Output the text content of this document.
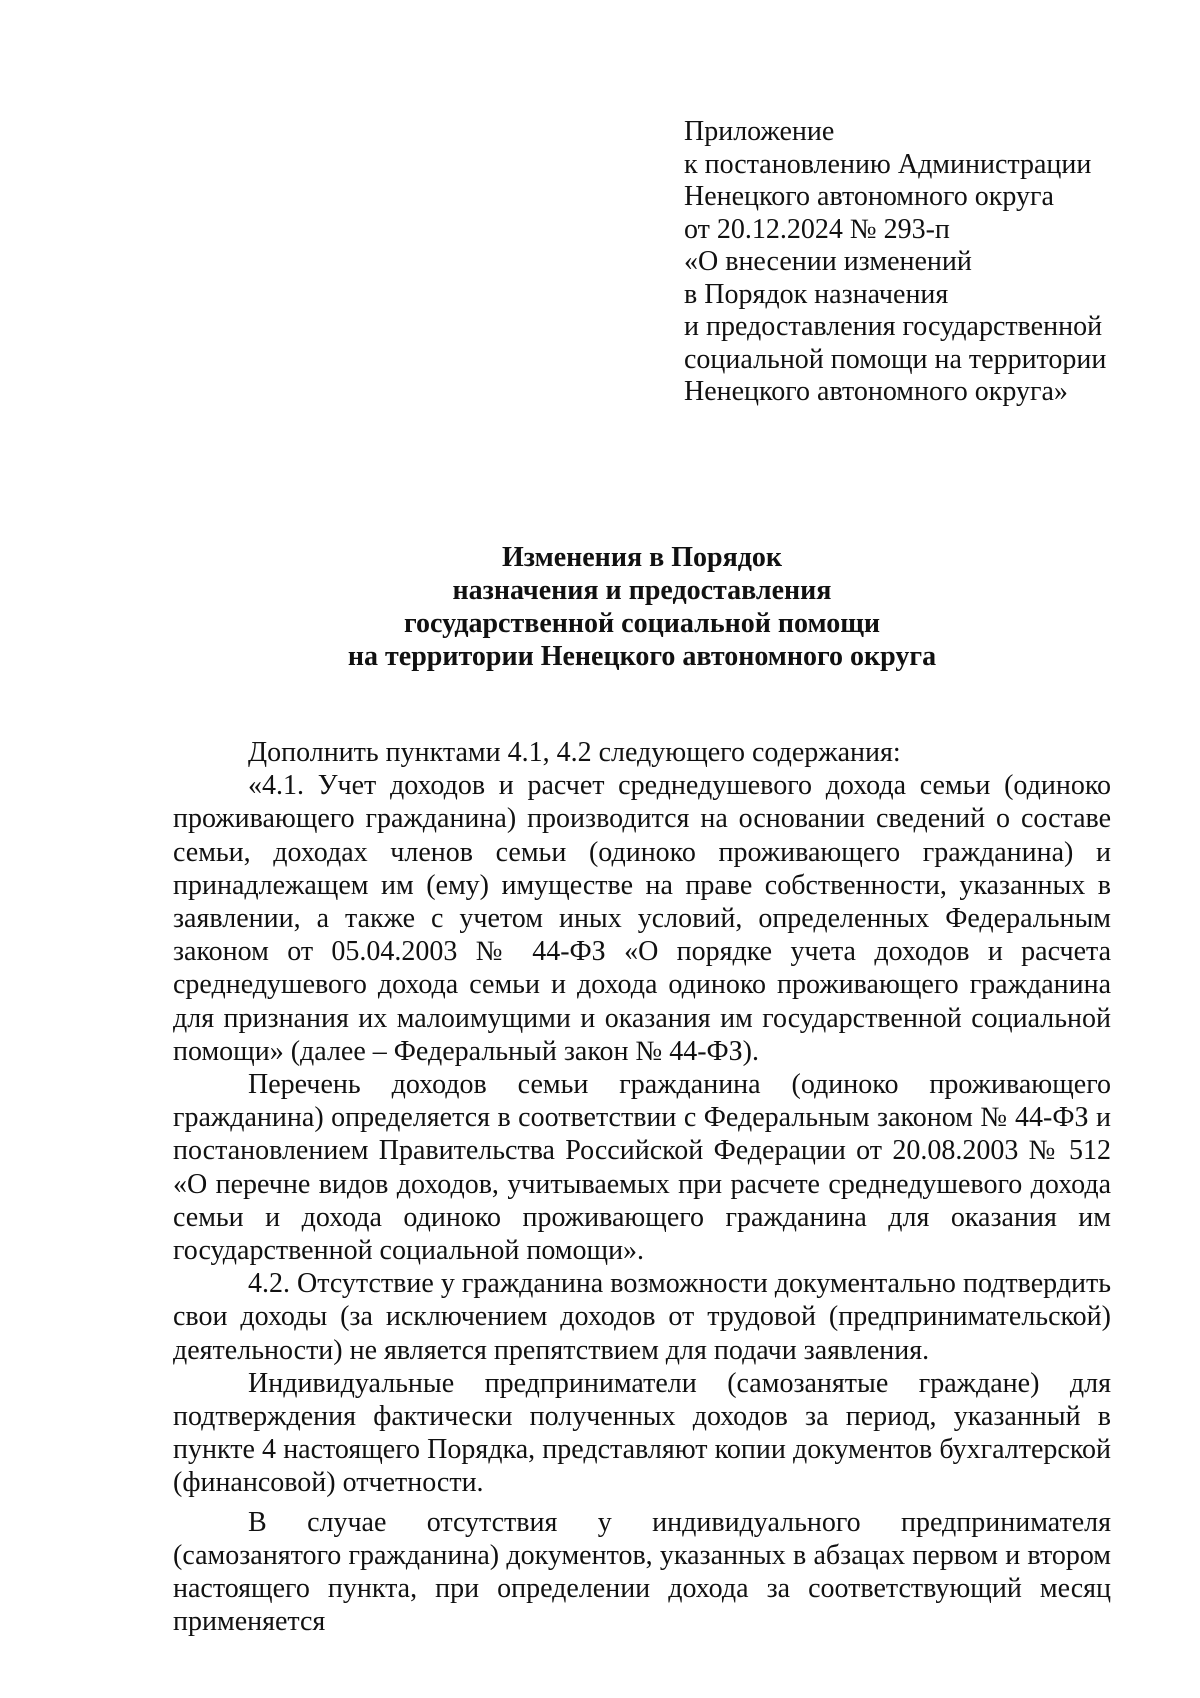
Приложение
к постановлению Администрации
Ненецкого автономного округа
от 20.12.2024 № 293-п
«О внесении изменений
в Порядок назначения
и предоставления государственной
социальной помощи на территории
Ненецкого автономного округа»
Изменения в Порядок
назначения и предоставления
государственной социальной помощи
на территории Ненецкого автономного округа

Дополнить пунктами 4.1, 4.2 следующего содержания:

«4.1. Учет доходов и расчет среднедушевого дохода семьи (одиноко проживающего гражданина) производится на основании сведений о составе семьи, доходах членов семьи (одиноко проживающего гражданина) и принадлежащем им (ему) имуществе на праве собственности, указанных в заявлении, а также с учетом иных условий, определенных Федеральным законом от 05.04.2003 № 44-ФЗ «О порядке учета доходов и расчета среднедушевого дохода семьи и дохода одиноко проживающего гражданина для признания их малоимущими и оказания им государственной социальной помощи» (далее – Федеральный закон № 44-ФЗ).

Перечень доходов семьи гражданина (одиноко проживающего гражданина) определяется в соответствии с Федеральным законом № 44-ФЗ и постановлением Правительства Российской Федерации от 20.08.2003 № 512 «О перечне видов доходов, учитываемых при расчете среднедушевого дохода семьи и дохода одиноко проживающего гражданина для оказания им государственной социальной помощи».

4.2. Отсутствие у гражданина возможности документально подтвердить свои доходы (за исключением доходов от трудовой (предпринимательской) деятельности) не является препятствием для подачи заявления.

Индивидуальные предприниматели (самозанятые граждане) для подтверждения фактически полученных доходов за период, указанный в пункте 4 настоящего Порядка, представляют копии документов бухгалтерской (финансовой) отчетности.

В случае отсутствия у индивидуального предпринимателя (самозанятого гражданина) документов, указанных в абзацах первом и втором настоящего пункта, при определении дохода за соответствующий месяц применяется
